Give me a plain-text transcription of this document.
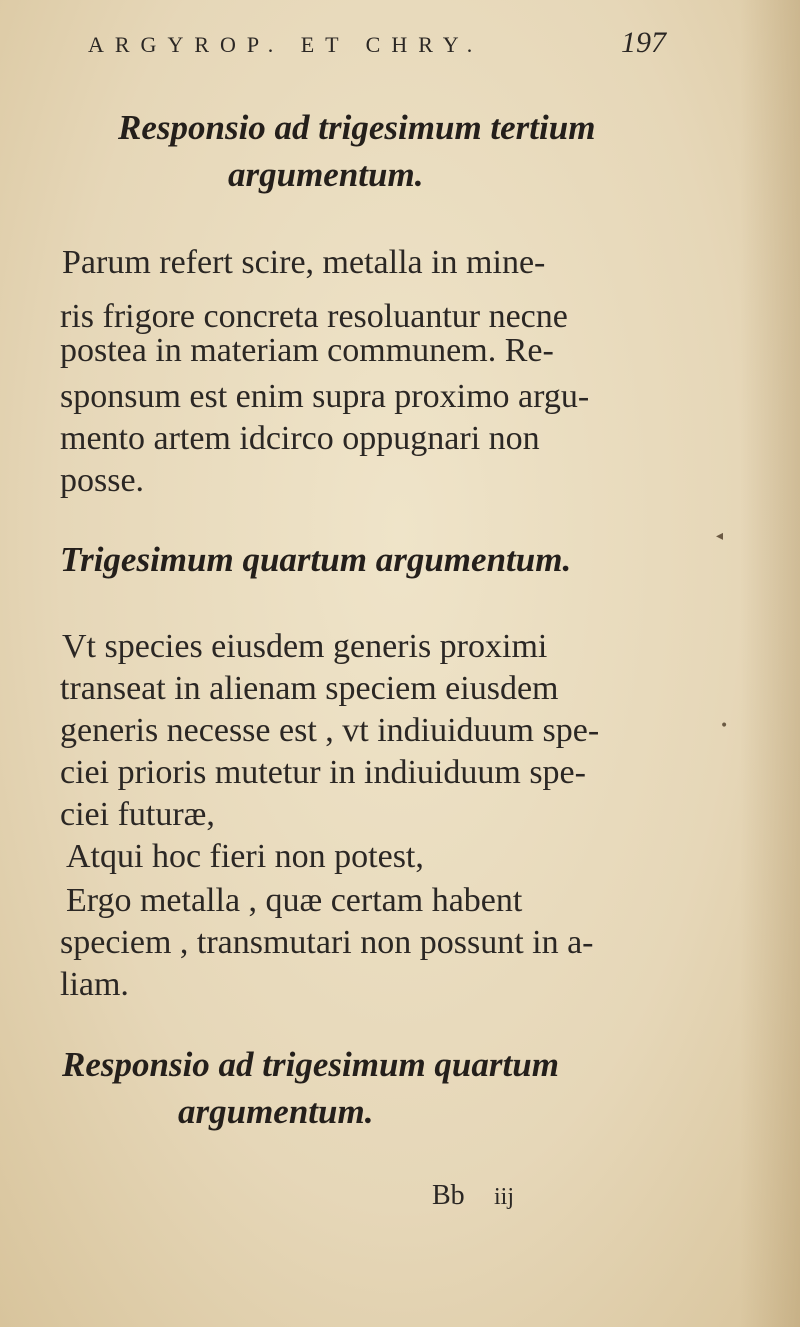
ARGYROP. ET CHRY.	197
Responsio ad trigesimum tertium
argumentum.
Parum refert scire, metalla in mine-
ris frigore concreta resoluantur necne
postea in materiam communem. Re-
sponsum est enim supra proximo argu-
mento artem idcirco oppugnari non
posse.
Trigesimum quartum argumentum.
Vt species eiusdem generis proximi
transeat in alienam speciem eiusdem
generis necesse est , vt indiuiduum spe-
ciei prioris mutetur in indiuiduum spe-
ciei futuræ,
Atqui hoc fieri non potest,
Ergo metalla , quæ certam habent
speciem , transmutari non possunt in a-
liam.
Responsio ad trigesimum quartum
argumentum.
Bb iij
◂
•
